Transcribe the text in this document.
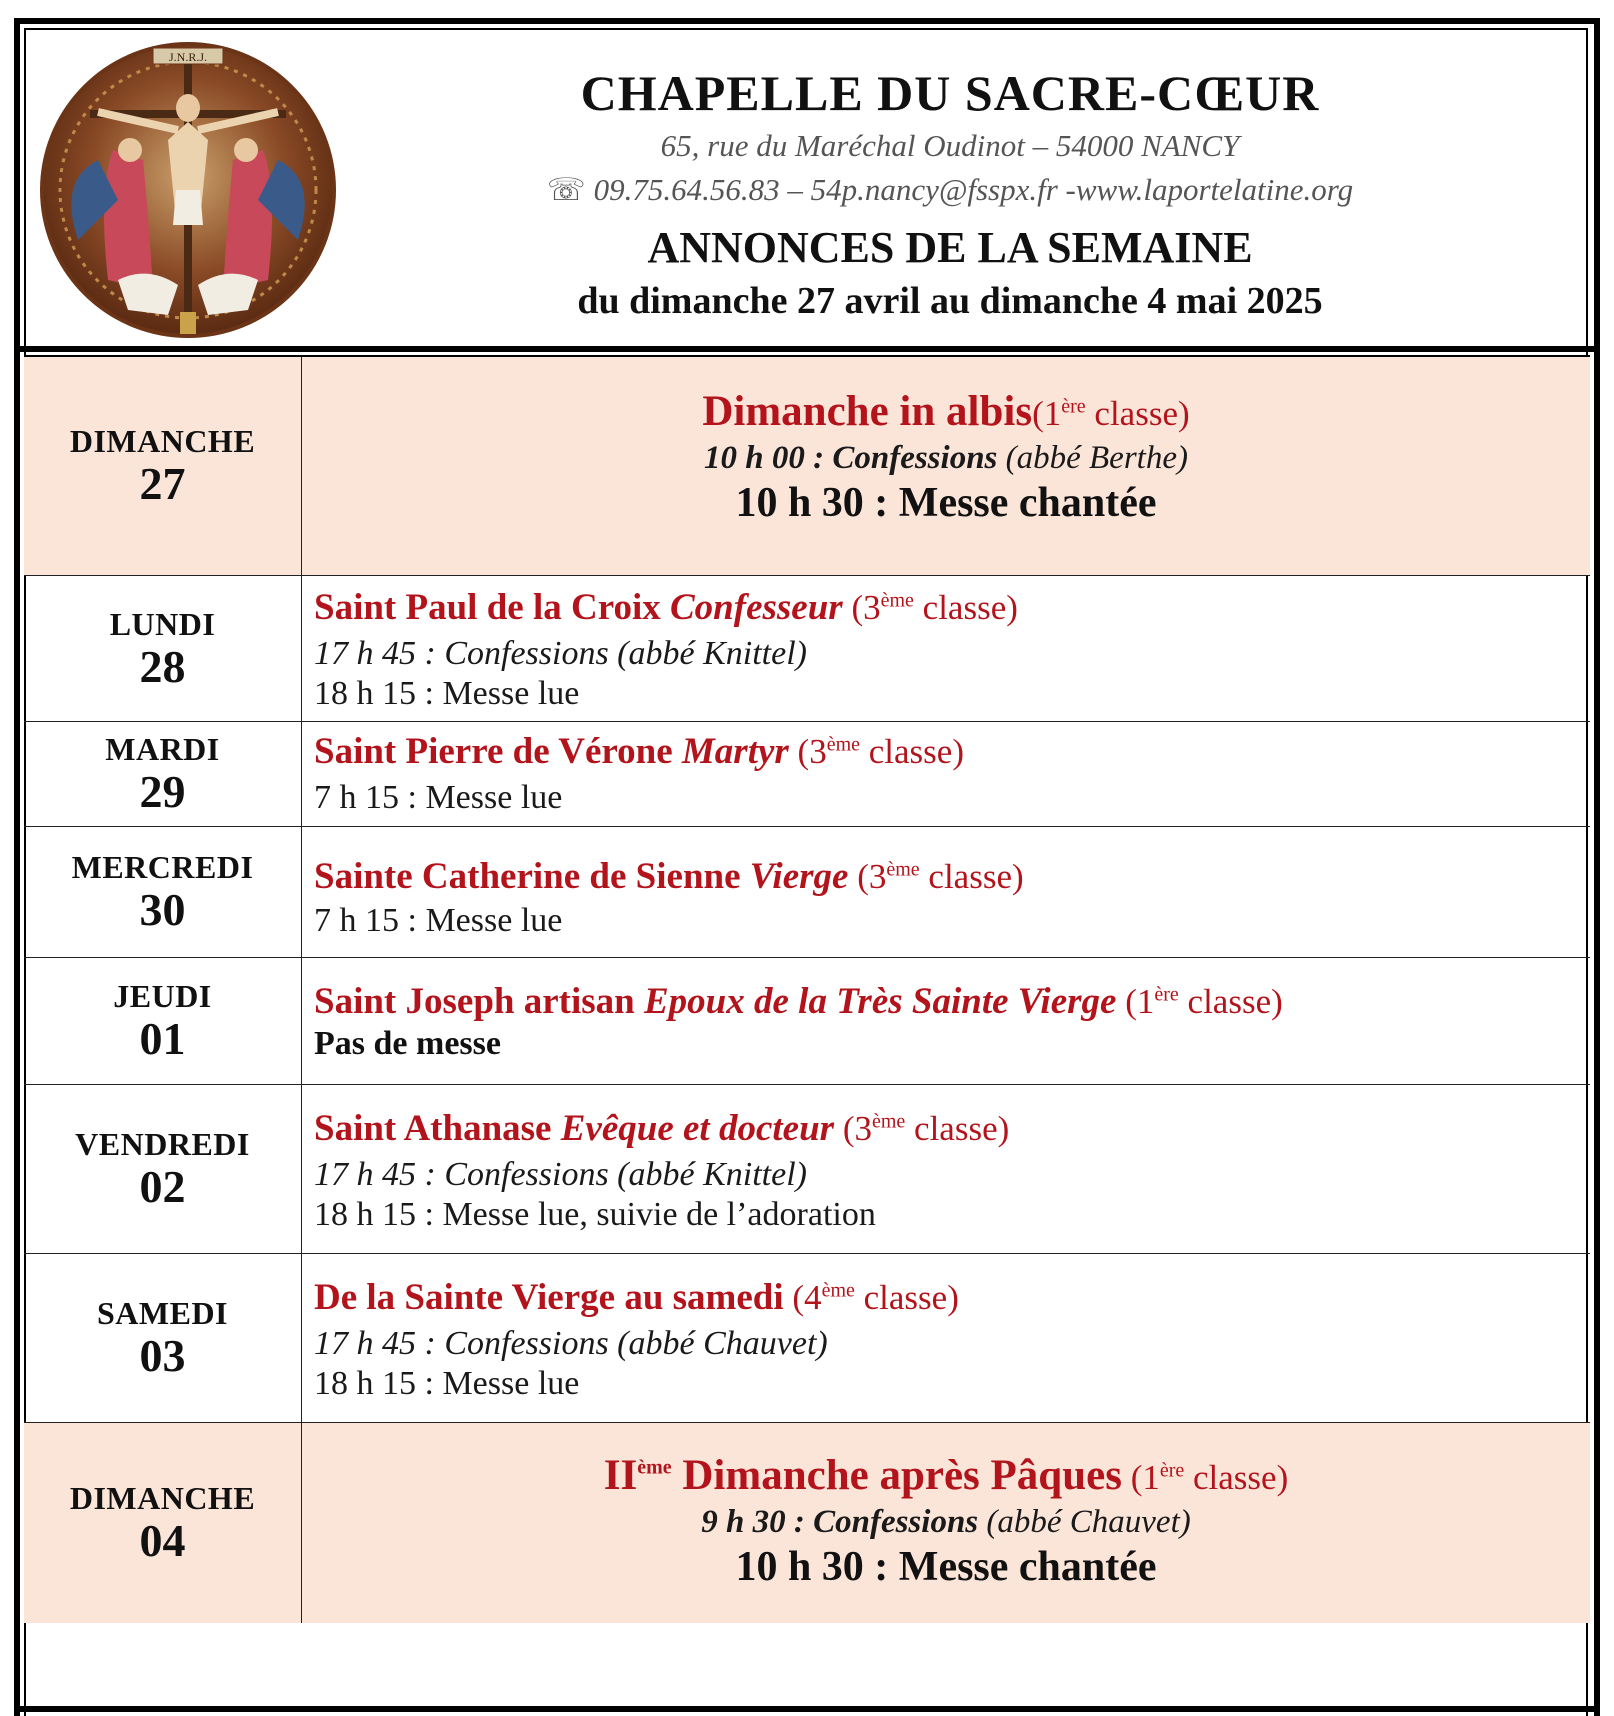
J.N.R.J.
CHAPELLE DU SACRE-CŒUR
65, rue du Maréchal Oudinot – 54000 NANCY
☏ 09.75.64.56.83 – 54p.nancy@fsspx.fr -www.laportelatine.org
ANNONCES DE LA SEMAINE
du dimanche 27 avril au dimanche 4 mai 2025
DIMANCHE
27
Dimanche in albis(1ère classe)
10 h 00 : Confessions (abbé Berthe)
10 h 30 : Messe chantée
LUNDI
28
Saint Paul de la Croix Confesseur (3ème classe)
17 h 45 : Confessions (abbé Knittel)
18 h 15 : Messe lue
MARDI
29
Saint Pierre de Vérone Martyr (3ème classe)
7 h 15 : Messe lue
MERCREDI
30
Sainte Catherine de Sienne Vierge (3ème classe)
7 h 15 : Messe lue
JEUDI
01
Saint Joseph artisan Epoux de la Très Sainte Vierge (1ère classe)
Pas de messe
VENDREDI
02
Saint Athanase Evêque et docteur (3ème classe)
17 h 45 : Confessions (abbé Knittel)
18 h 15 : Messe lue, suivie de l’adoration
SAMEDI
03
De la Sainte Vierge au samedi (4ème classe)
17 h 45 : Confessions (abbé Chauvet)
18 h 15 : Messe lue
DIMANCHE
04
IIème Dimanche après Pâques (1ère classe)
9 h 30 : Confessions (abbé Chauvet)
10 h 30 : Messe chantée
